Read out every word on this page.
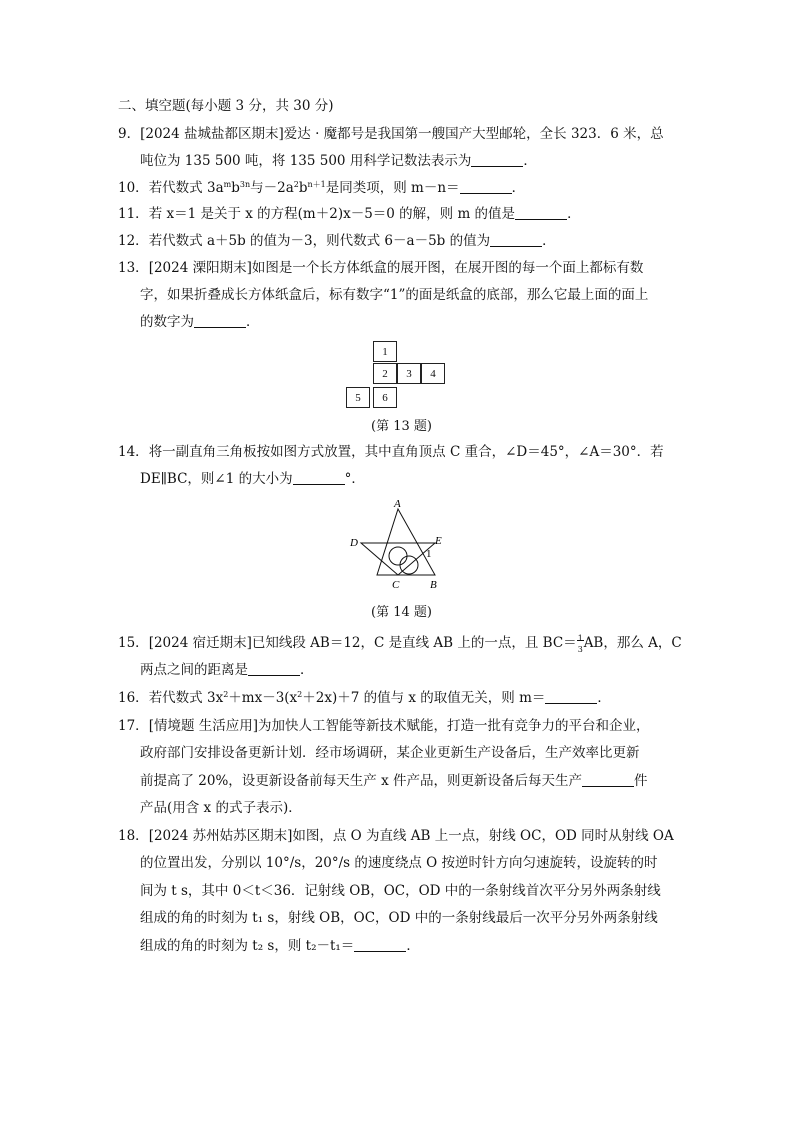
二、填空题(每小题 3 分，共 30 分)
9．[2024 盐城盐都区期末]爱达 · 魔都号是我国第一艘国产大型邮轮，全长 323．6 米，总
吨位为 135 500 吨，将 135 500 用科学记数法表示为	．
10．若代数式 $3a^mb^{3n}$与$-2a^2b^{n+1}$是同类项，则 m－n＝	．
11．若 x＝1 是关于 x 的方程(m＋2)x－5＝0 的解，则 m 的值是	．
12．若代数式 a＋5b 的值为－3，则代数式 6－a－5b 的值为	．
13．[2024 溧阳期末]如图是一个长方体纸盒的展开图，在展开图的每一个面上都标有数
字，如果折叠成长方体纸盒后，标有数字“1”的面是纸盒的底部，那么它最上面的面上
的数字为	．
1
2	3	4
5	6
(第 13 题)
14．将一副直角三角板按如图方式放置，其中直角顶点 C 重合，∠D＝45°，∠A＝30°．若
DE∥BC，则∠1 的大小为	°．
A
D	E
C	B
1
(第 14 题)
15．[2024 宿迁期末]已知线段 AB＝12，C 是直线 AB 上的一点，且 BC＝ 1
3 AB，那么 A，C
两点之间的距离是	．
16．若代数式 $3x^2+mx-3(x^2+2x)+7$ 的值与 x 的取值无关，则 m＝	．
17．[情境题 生活应用]为加快人工智能等新技术赋能，打造一批有竞争力的平台和企业，
政府部门安排设备更新计划．经市场调研，某企业更新生产设备后，生产效率比更新
前提高了 20%，设更新设备前每天生产 x 件产品，则更新设备后每天生产	件
产品(用含 x 的式子表示)．
18．[2024 苏州姑苏区期末]如图，点 O 为直线 AB 上一点，射线 OC，OD 同时从射线 OA
的位置出发，分别以 10°/s，20°/s 的速度绕点 O 按逆时针方向匀速旋转，设旋转的时
间为 t s，其中 0＜t＜36．记射线 OB，OC，OD 中的一条射线首次平分另外两条射线
组成的角的时刻为 t₁ s，射线 OB，OC，OD 中的一条射线最后一次平分另外两条射线
组成的角的时刻为 t₂ s，则 t₂－t₁＝	．
